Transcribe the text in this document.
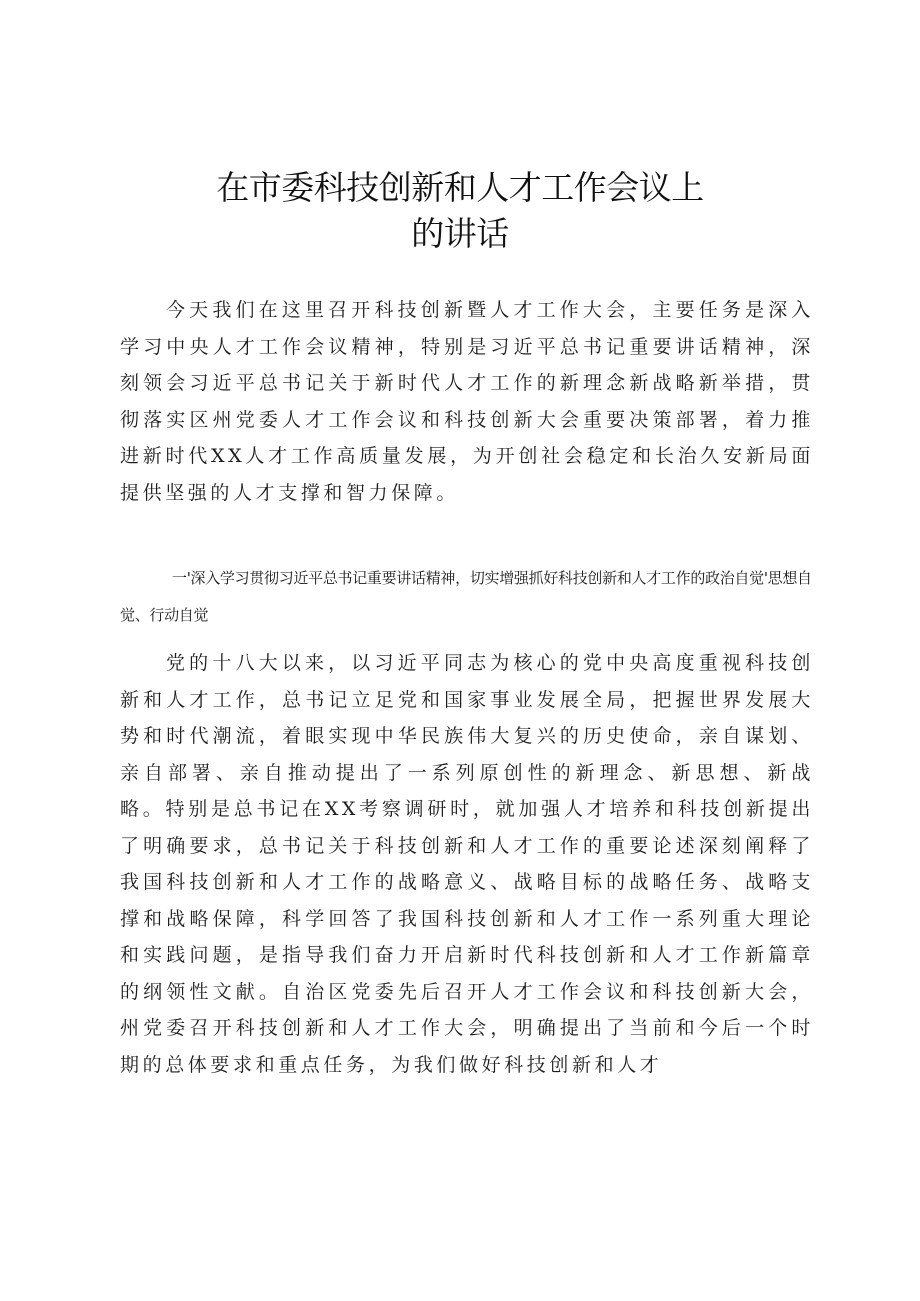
在市委科技创新和人才工作会议上
的讲话

今天我们在这里召开科技创新暨人才工作大会，主要任务是深入学习中央人才工作会议精神，特别是习近平总书记重要讲话精神，深刻领会习近平总书记关于新时代人才工作的新理念新战略新举措，贯彻落实区州党委人才工作会议和科技创新大会重要决策部署，着力推进新时代XX人才工作高质量发展，为开创社会稳定和长治久安新局面提供坚强的人才支撑和智力保障。

一'深入学习贯彻习近平总书记重要讲话精神，切实增强抓好科技创新和人才工作的政治自觉'思想自觉、行动自觉

党的十八大以来，以习近平同志为核心的党中央高度重视科技创新和人才工作，总书记立足党和国家事业发展全局，把握世界发展大势和时代潮流，着眼实现中华民族伟大复兴的历史使命，亲自谋划、亲自部署、亲自推动提出了一系列原创性的新理念、新思想、新战略。特别是总书记在XX考察调研时，就加强人才培养和科技创新提出了明确要求，总书记关于科技创新和人才工作的重要论述深刻阐释了我国科技创新和人才工作的战略意义、战略目标的战略任务、战略支撑和战略保障，科学回答了我国科技创新和人才工作一系列重大理论和实践问题，是指导我们奋力开启新时代科技创新和人才工作新篇章的纲领性文献。自治区党委先后召开人才工作会议和科技创新大会，州党委召开科技创新和人才工作大会，明确提出了当前和今后一个时期的总体要求和重点任务，为我们做好科技创新和人才
